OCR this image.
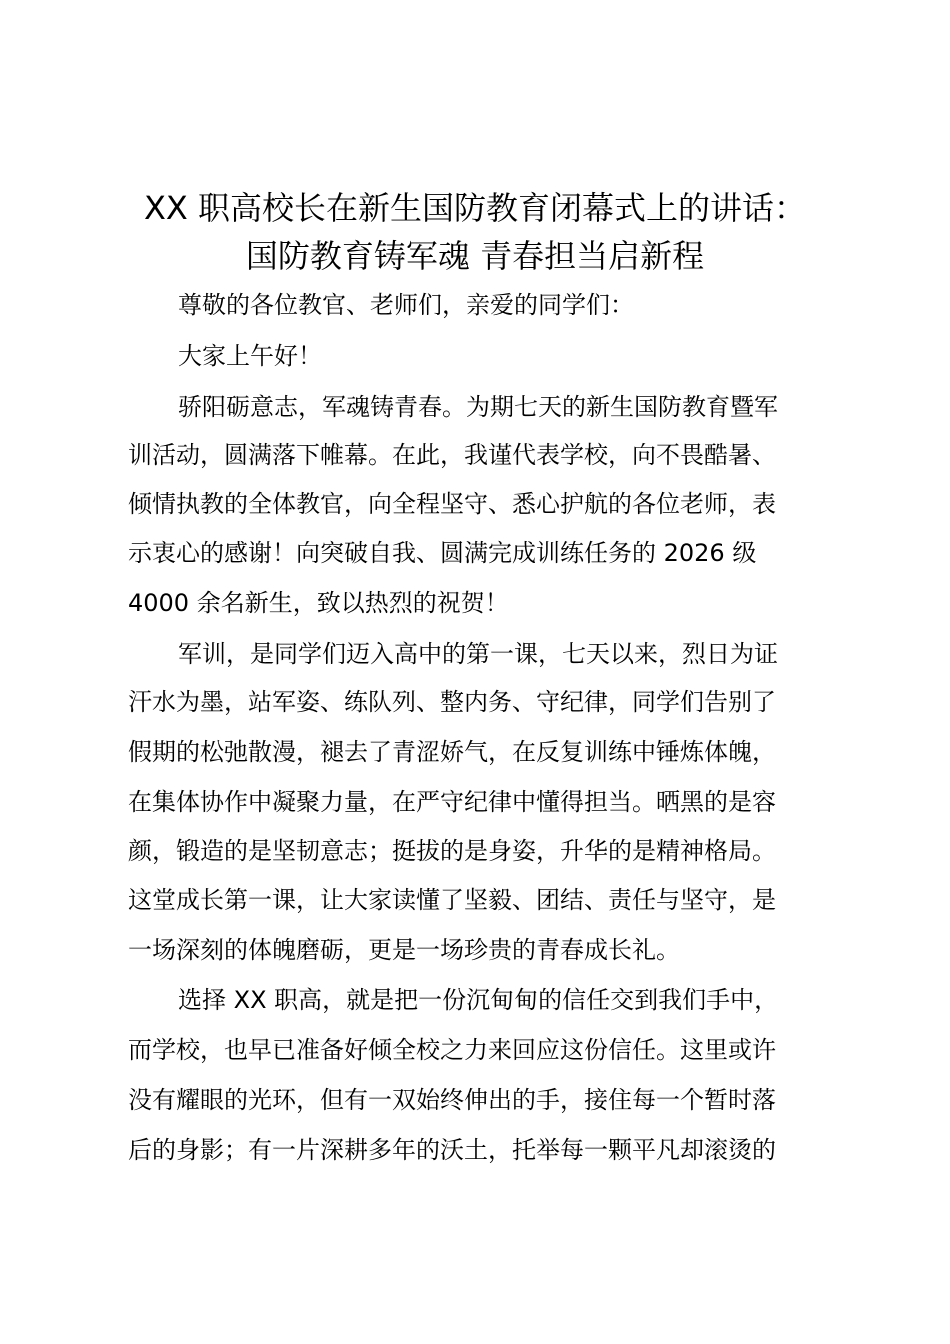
XX 职高校长在新生国防教育闭幕式上的讲话：
国防教育铸军魂 青春担当启新程
尊敬的各位教官、老师们，亲爱的同学们：
大家上午好！
骄阳砺意志，军魂铸青春。为期七天的新生国防教育暨军
训活动，圆满落下帷幕。在此，我谨代表学校，向不畏酷暑、
倾情执教的全体教官，向全程坚守、悉心护航的各位老师，表
示衷心的感谢！向突破自我、圆满完成训练任务的 2026 级
4000 余名新生，致以热烈的祝贺！
军训，是同学们迈入高中的第一课，七天以来，烈日为证
汗水为墨，站军姿、练队列、整内务、守纪律，同学们告别了
假期的松弛散漫，褪去了青涩娇气，在反复训练中锤炼体魄，
在集体协作中凝聚力量，在严守纪律中懂得担当。晒黑的是容
颜，锻造的是坚韧意志；挺拔的是身姿，升华的是精神格局。
这堂成长第一课，让大家读懂了坚毅、团结、责任与坚守，是
一场深刻的体魄磨砺，更是一场珍贵的青春成长礼。
选择 XX 职高，就是把一份沉甸甸的信任交到我们手中，
而学校，也早已准备好倾全校之力来回应这份信任。这里或许
没有耀眼的光环，但有一双始终伸出的手，接住每一个暂时落
后的身影；有一片深耕多年的沃土，托举每一颗平凡却滚烫的
